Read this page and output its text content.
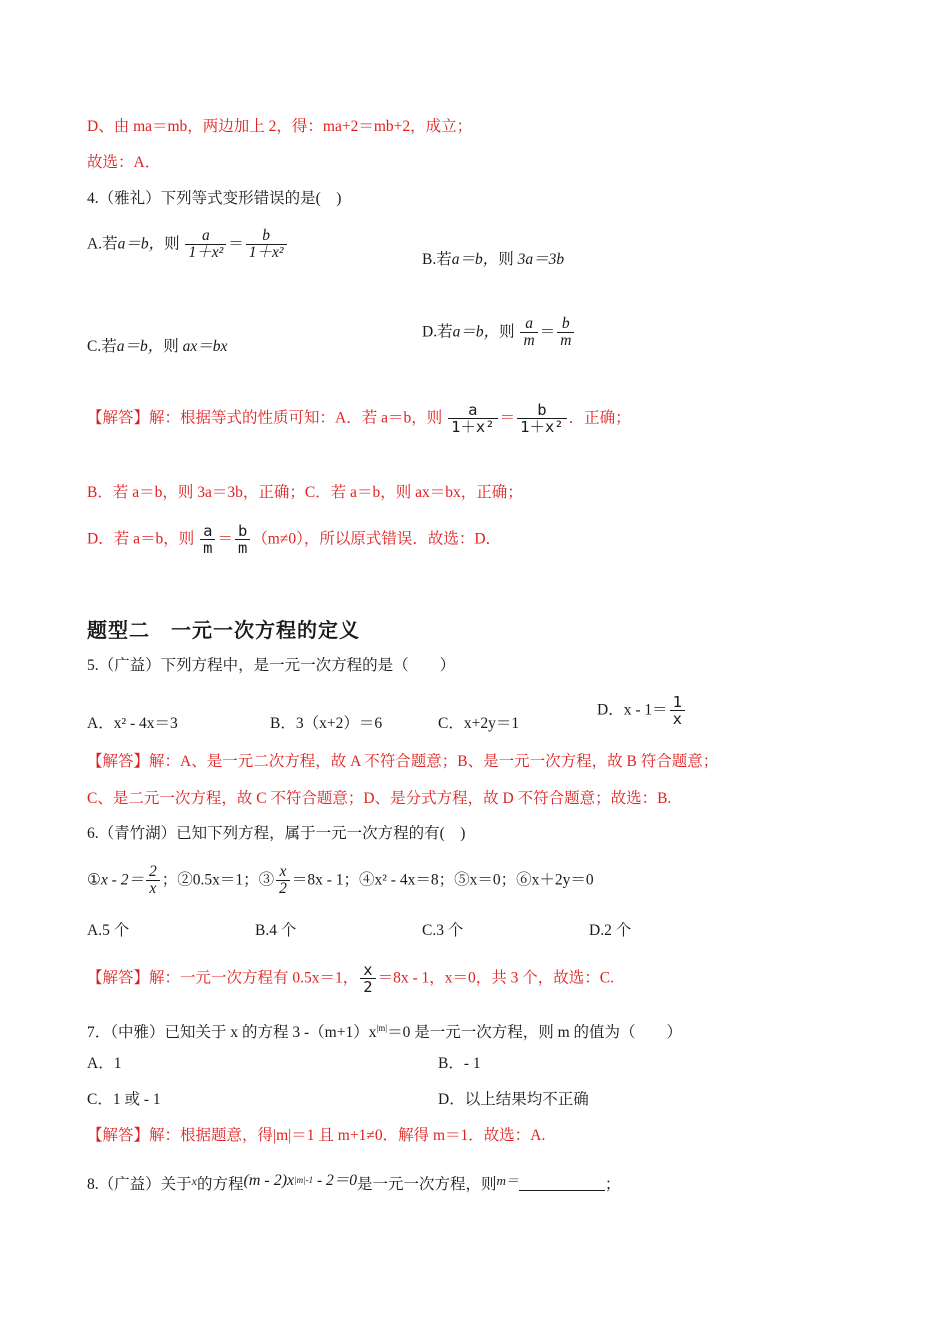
D、由 ma＝mb，两边加上 2，得：ma+2＝mb+2，成立；
故选：A．
4.（雅礼）下列等式变形错误的是(　)
A.若a＝b，则 $\frac{a}{\text{1＋x²}} = \frac{b}{\text{1＋x²}}$	B.若a＝b，则 3a＝3b
C.若a＝b，则 ax＝bx
D.若a＝b，则 $\frac{a}{m} = \frac{b}{m}$
【解答】解：根据等式的性质可知：A．若 a＝b，则 $\frac{a}{\text{1＋x²}} = \frac{b}{\text{1＋x²}}$ ．正确；
B．若 a＝b，则 3a＝3b，正确；C．若 a＝b，则 ax＝bx，正确；
D．若 a＝b，则 $\frac{a}{m} = \frac{b}{m} (m\ne 0)$，所以原式错误．故选：D．
题型二　一元一次方程的定义
5.（广益）下列方程中，是一元一次方程的是（　　）
A．x² - 4x＝3	B．3（x+2）＝6	C．x+2y＝1
D．$x - 1= \frac{1}{x}$
【解答】解：A、是一元二次方程，故 A 不符合题意；B、是一元一次方程，故 B 符合题意；
C、是二元一次方程，故 C 不符合题意；D、是分式方程，故 D 不符合题意；故选：B.
6.（青竹湖）已知下列方程，属于一元一次方程的有(　)
①x - $2= \frac{2}{x}$ ；②0.5x＝1；③ $\frac{x}{2} =8x - 1$；④x² - 4x＝8；⑤x＝0；⑥x＋2y＝0
A.5 个	B.4 个	C.3 个	D.2 个
【解答】解：一元一次方程有 0.5x＝1， $\frac{x}{2} =8x - 1$，x＝0，共 3 个，故选：C.
7．（中雅）已知关于 x 的方程 3 $-(m+1)x^{|m|}=0$ 是一元一次方程，则 m 的值为（　　）
A．1	B．- 1
C．1 或 - 1	D．以上结果均不正确
【解答】解：根据题意，得|m|＝1 且 m+1≠0．解得 m＝1．故选：A.
8.（广益）关于$^x$的方程$(m - 2)x^{|m|-1} - 2=0$是一元一次方程，则$^{m=}$	；
